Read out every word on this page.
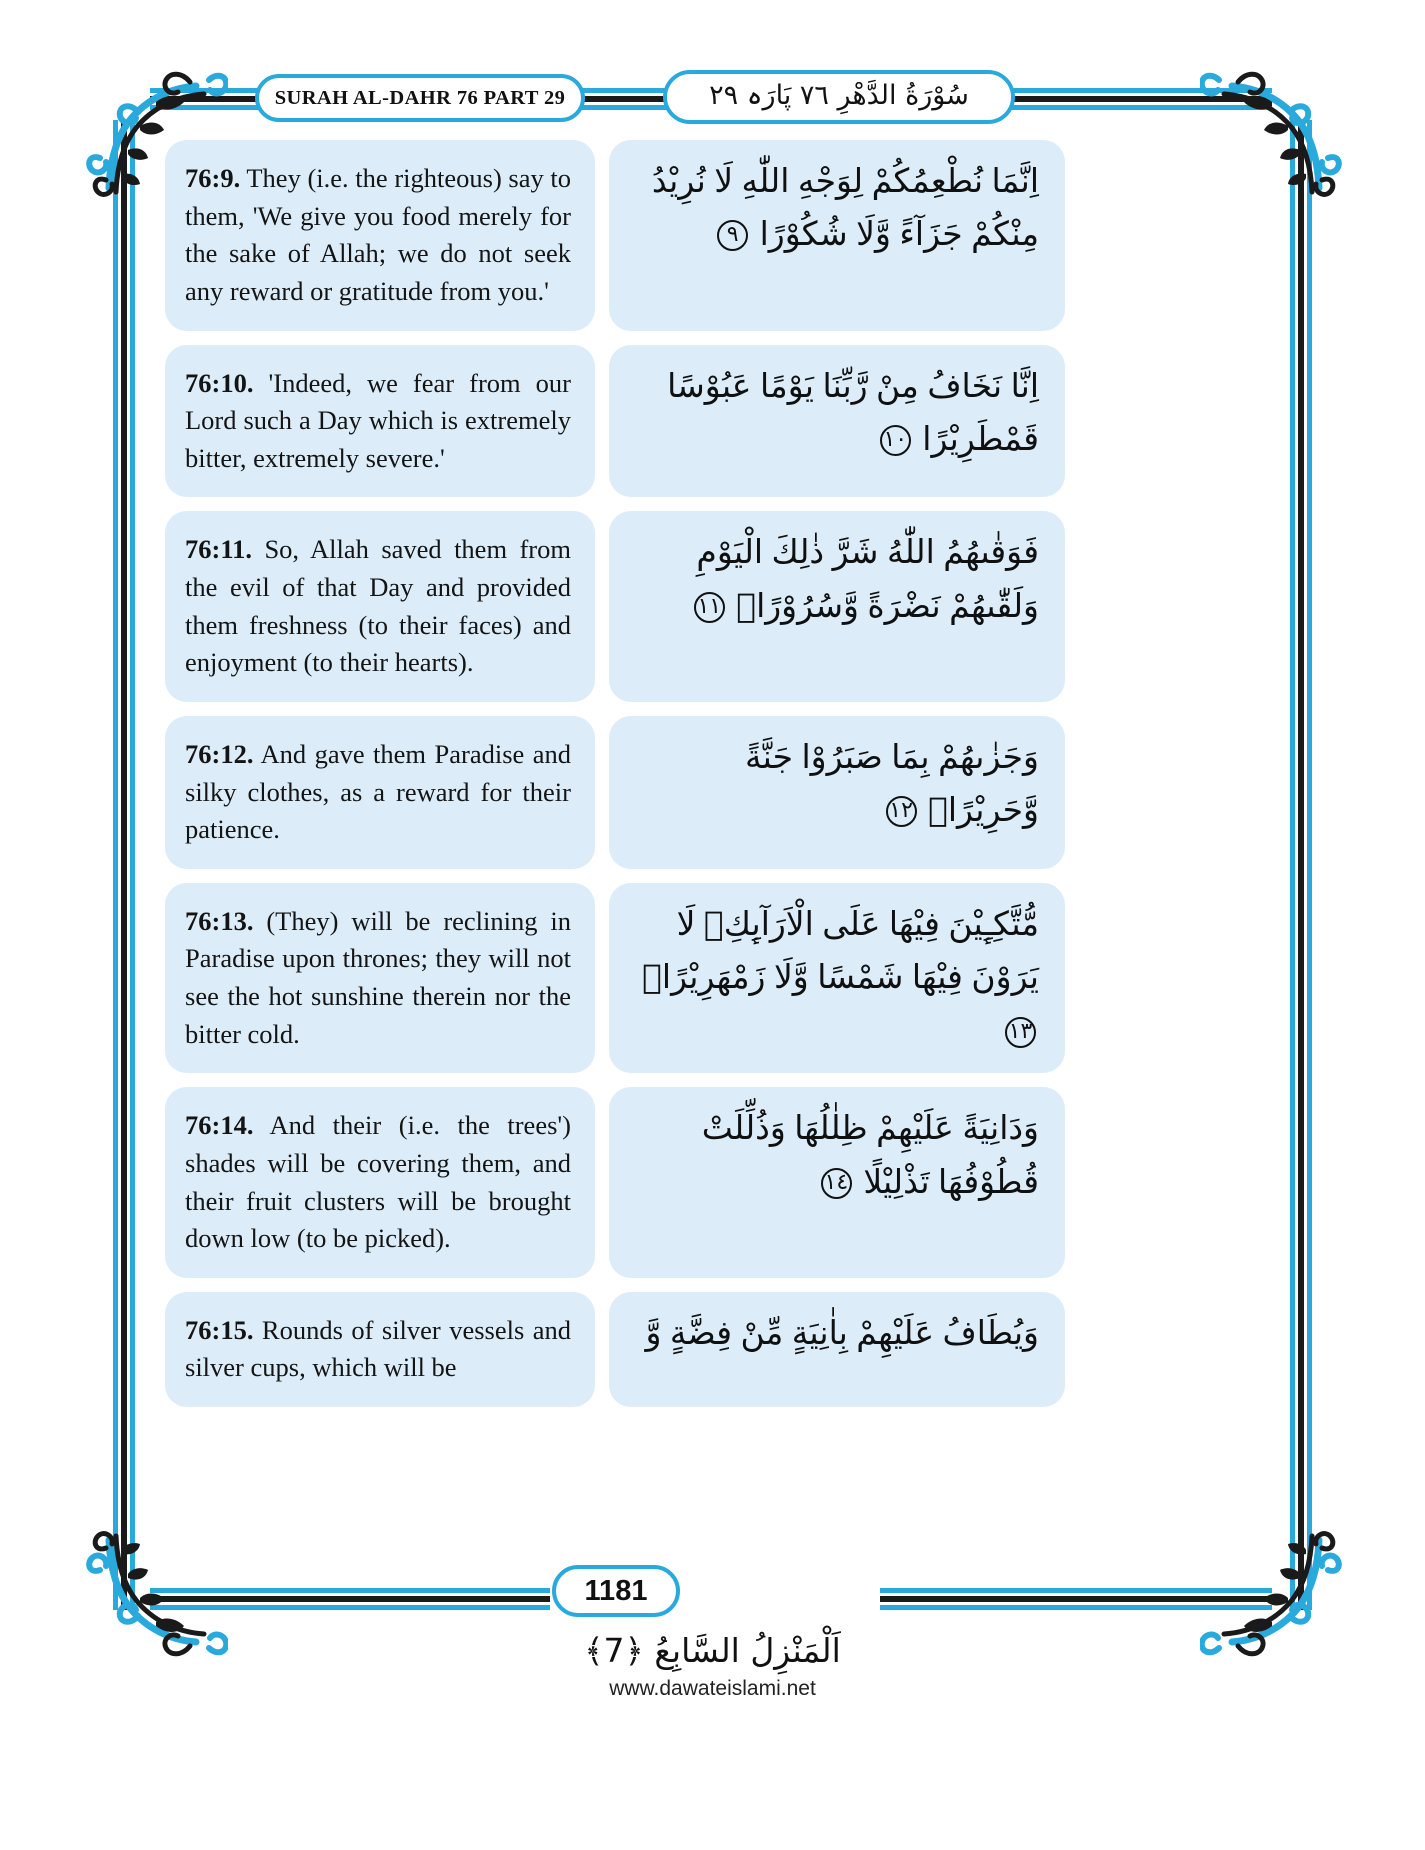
SURAH AL-DAHR 76 PART 29	سُوْرَةُ الدَّهْرِ ٧٦ پَارَہ ٢٩
76:9. They (i.e. the righteous) say to them, 'We give you food merely for the sake of Allah; we do not seek any reward or gratitude from you.'
اِنَّمَا نُطْعِمُكُمْ لِوَجْهِ اللّٰهِ لَا نُرِيْدُ مِنْكُمْ جَزَآءً وَّلَا شُكُوْرًا ٩
76:10. 'Indeed, we fear from our Lord such a Day which is extremely bitter, extremely severe.'
اِنَّا نَخَافُ مِنْ رَّبِّنَا يَوْمًا عَبُوْسًا قَمْطَرِيْرًا ١٠
76:11. So, Allah saved them from the evil of that Day and provided them freshness (to their faces) and enjoyment (to their hearts).
فَوَقٰىهُمُ اللّٰهُ شَرَّ ذٰلِكَ الْيَوْمِ وَلَقّٰىهُمْ نَضْرَةً وَّسُرُوْرًاۚ ١١
76:12. And gave them Paradise and silky clothes, as a reward for their patience.
وَجَزٰىهُمْ بِمَا صَبَرُوْا جَنَّةً وَّحَرِيْرًاۙ ١٢
76:13. (They) will be reclining in Paradise upon thrones; they will not see the hot sunshine therein nor the bitter cold.
مُّتَّكِـِٕیْنَ فِیْهَا عَلَى الْاَرَآىِٕكِۚ لَا یَرَوْنَ فِیْهَا شَمْسًا وَّلَا زَمْهَرِیْرًاۚ ١٣
76:14. And their (i.e. the trees') shades will be covering them, and their fruit clusters will be brought down low (to be picked).
وَدَانِیَةً عَلَیْهِمْ ظِلٰلُهَا وَذُلِّلَتْ قُطُوْفُهَا تَذْلِیْلًا ١٤
76:15. Rounds of silver vessels and silver cups, which will be
وَیُطَافُ عَلَیْهِمْ بِاٰنِیَةٍ مِّنْ فِضَّةٍ وَّ
1181
اَلْمَنْزِلُ السَّابِعُ ﴿7﴾
www.dawateislami.net
